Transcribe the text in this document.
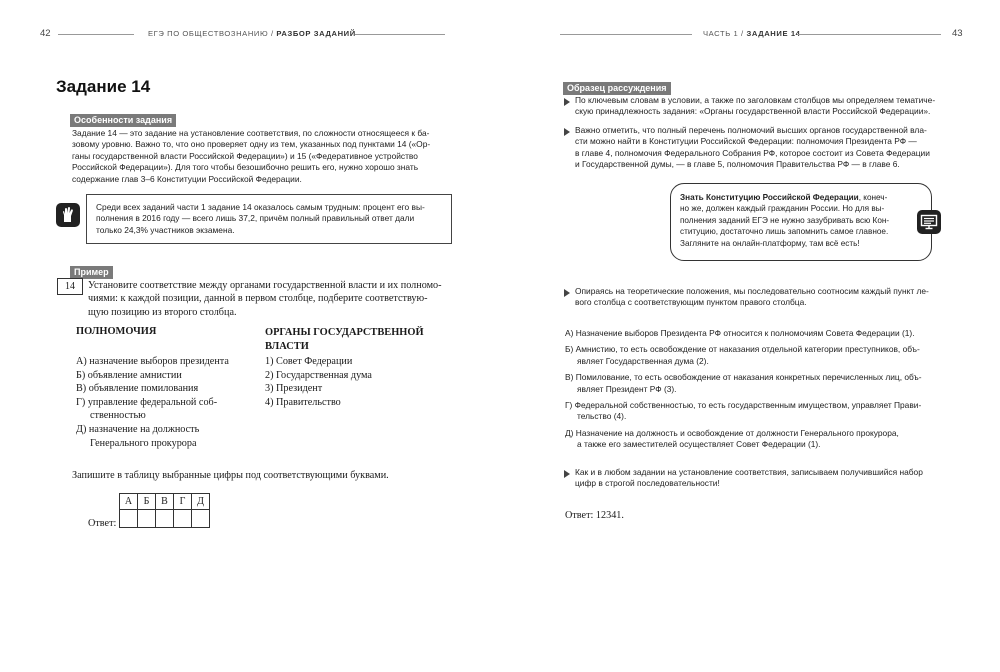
42	ЕГЭ ПО ОБЩЕСТВОЗНАНИЮ / РАЗБОР ЗАДАНИЙ	ЧАСТЬ 1 / ЗАДАНИЕ 14	43
Задание 14
Особенности задания
Задание 14 — это задание на установление соответствия, по сложности относящееся к ба-
зовому уровню. Важно то, что оно проверяет одну из тем, указанных под пунктами 14 («Ор-
ганы государственной власти Российской Федерации») и 15 («Федеративное устройство
Российской Федерации»). Для того чтобы безошибочно решить его, нужно хорошо знать
содержание глав 3–6 Конституции Российской Федерации.
Среди всех заданий части 1 задание 14 оказалось самым трудным: процент его вы-
полнения в 2016 году — всего лишь 37,2, причём полный правильный ответ дали
только 24,3% участников экзамена.
Пример
14	Установите соответствие между органами государственной власти и их полномо-
чиями: к каждой позиции, данной в первом столбце, подберите соответствую-
щую позицию из второго столбца.
ПОЛНОМОЧИЯ	ОРГАНЫ ГОСУДАРСТВЕННОЙ
ВЛАСТИ
А) назначение выборов президента
Б) объявление амнистии
В) объявление помилования
Г) управление федеральной соб-
ственностью
Д) назначение на должность
Генерального прокурора
1) Совет Федерации
2) Государственная дума
3) Президент
4) Правительство
Запишите в таблицу выбранные цифры под соответствующими буквами.
Ответ:
А	Б	В	Г	Д

Образец рассуждения
По ключевым словам в условии, а также по заголовкам столбцов мы определяем тематиче-
скую принадлежность задания: «Органы государственной власти Российской Федерации».
Важно отметить, что полный перечень полномочий высших органов государственной вла-
сти можно найти в Конституции Российской Федерации: полномочия Президента РФ —
в главе 4, полномочия Федерального Собрания РФ, которое состоит из Совета Федерации
и Государственной думы, — в главе 5, полномочия Правительства РФ — в главе 6.
Знать Конституцию Российской Федерации, конеч-
но же, должен каждый гражданин России. Но для вы-
полнения заданий ЕГЭ не нужно зазубривать всю Кон-
ституцию, достаточно лишь запомнить самое главное.
Загляните на онлайн-платформу, там всё есть!
Опираясь на теоретические положения, мы последовательно соотносим каждый пункт ле-
вого столбца с соответствующим пунктом правого столбца.
А) Назначение выборов Президента РФ относится к полномочиям Совета Федерации (1).
Б) Амнистию, то есть освобождение от наказания отдельной категории преступников, объ-
являет Государственная дума (2).
В) Помилование, то есть освобождение от наказания конкретных перечисленных лиц, объ-
являет Президент РФ (3).
Г) Федеральной собственностью, то есть государственным имуществом, управляет Прави-
тельство (4).
Д) Назначение на должность и освобождение от должности Генерального прокурора,
а также его заместителей осуществляет Совет Федерации (1).
Как и в любом задании на установление соответствия, записываем получившийся набор
цифр в строгой последовательности!
Ответ: 12341.
